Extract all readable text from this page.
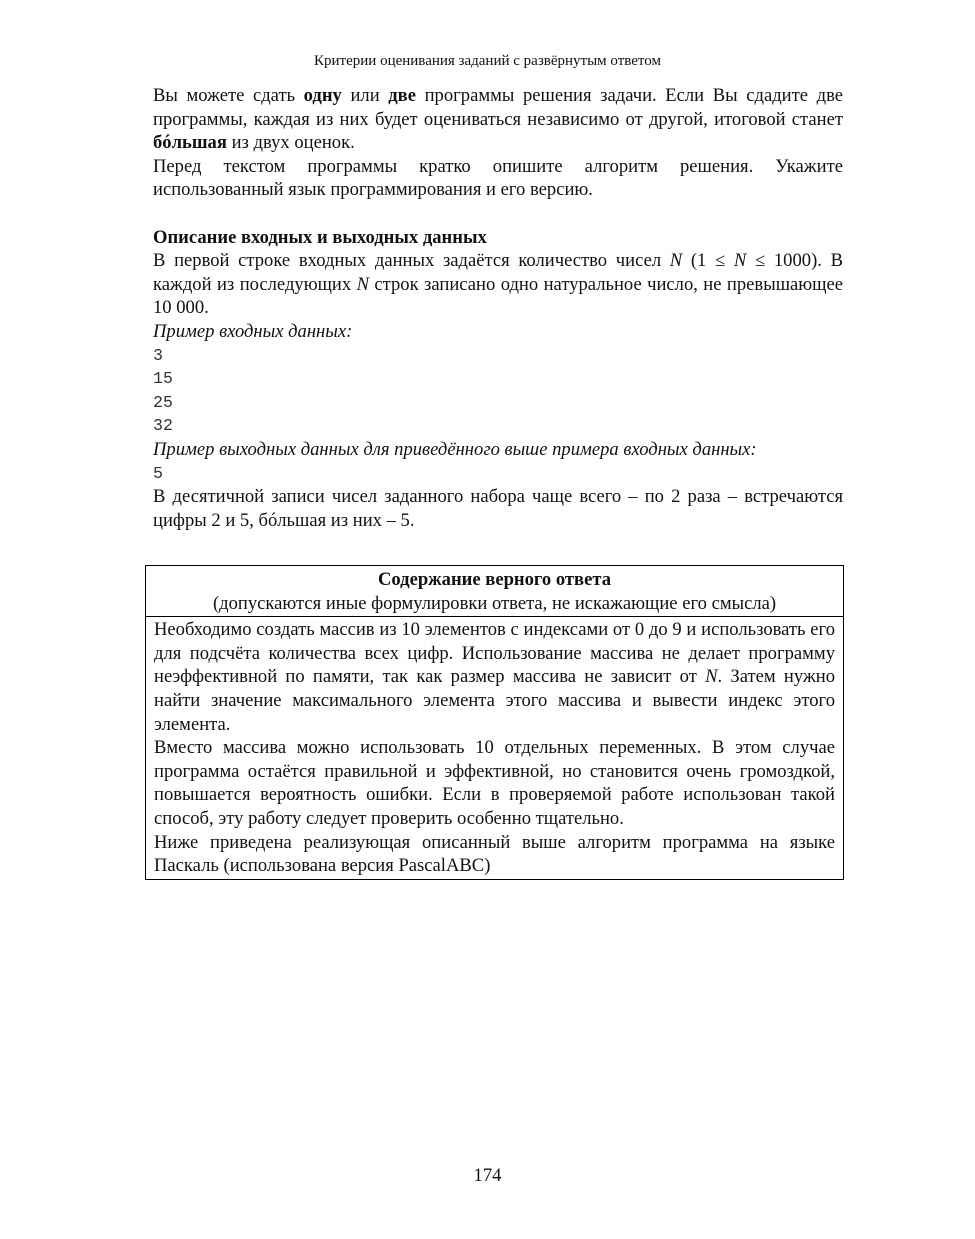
Критерии оценивания заданий с развёрнутым ответом

Вы можете сдать одну или две программы решения задачи. Если Вы сдадите две программы, каждая из них будет оцениваться независимо от другой, итоговой станет бóльшая из двух оценок.

Перед текстом программы кратко опишите алгоритм решения. Укажите использованный язык программирования и его версию.

Описание входных и выходных данных

В первой строке входных данных задаётся количество чисел N (1 ≤ N ≤ 1000). В каждой из последующих N строк записано одно натуральное число, не превышающее 10 000.

Пример входных данных:

3
15
25
32

Пример выходных данных для приведённого выше примера входных данных:

5

В десятичной записи чисел заданного набора чаще всего – по 2 раза – встречаются цифры 2 и 5, бóльшая из них – 5.

Содержание верного ответа
(допускаются иные формулировки ответа, не искажающие его смысла)

Необходимо создать массив из 10 элементов с индексами от 0 до 9 и использовать его для подсчёта количества всех цифр. Использование массива не делает программу неэффективной по памяти, так как размер массива не зависит от N. Затем нужно найти значение максимального элемента этого массива и вывести индекс этого элемента.

Вместо массива можно использовать 10 отдельных переменных. В этом случае программа остаётся правильной и эффективной, но становится очень громоздкой, повышается вероятность ошибки. Если в проверяемой работе использован такой способ, эту работу следует проверить особенно тщательно.

Ниже приведена реализующая описанный выше алгоритм программа на языке Паскаль (использована версия PascalABC)

174
